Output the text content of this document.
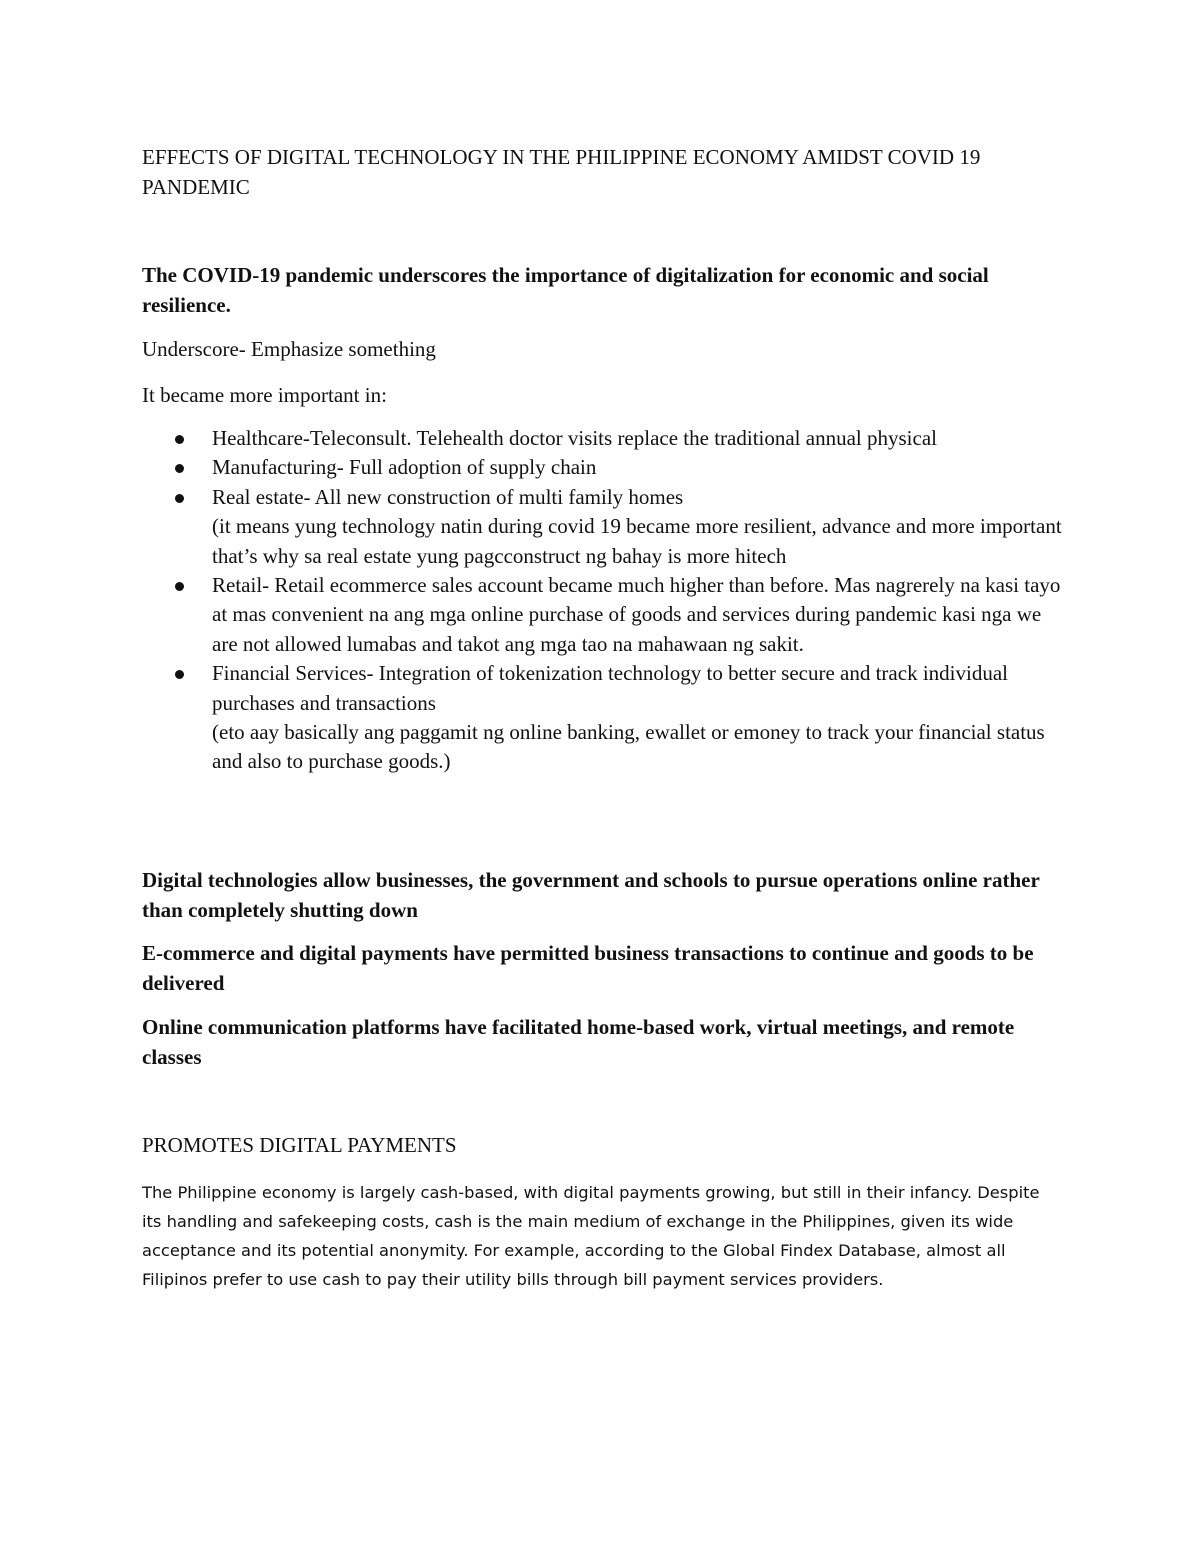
EFFECTS OF DIGITAL TECHNOLOGY IN THE PHILIPPINE ECONOMY AMIDST COVID 19 PANDEMIC

The COVID-19 pandemic underscores the importance of digitalization for economic and social resilience.

Underscore- Emphasize something

It became more important in:

Healthcare-Teleconsult. Telehealth doctor visits replace the traditional annual physical
Manufacturing- Full adoption of supply chain
Real estate- All new construction of multi family homes
(it means yung technology natin during covid 19 became more resilient, advance and more important that’s why sa real estate yung pagcconstruct ng bahay is more hitech
Retail- Retail ecommerce sales account became much higher than before. Mas nagrerely na kasi tayo at mas convenient na ang mga online purchase of goods and services during pandemic kasi nga we are not allowed lumabas and takot ang mga tao na mahawaan ng sakit.
Financial Services- Integration of tokenization technology to better secure and track individual purchases and transactions
(eto aay basically ang paggamit ng online banking, ewallet or emoney to track your financial status and also to purchase goods.)

Digital technologies allow businesses, the government and schools to pursue operations online rather than completely shutting down

E-commerce and digital payments have permitted business transactions to continue and goods to be delivered

Online communication platforms have facilitated home-based work, virtual meetings, and remote classes

PROMOTES DIGITAL PAYMENTS

The Philippine economy is largely cash-based, with digital payments growing, but still in their infancy. Despite its handling and safekeeping costs, cash is the main medium of exchange in the Philippines, given its wide acceptance and its potential anonymity. For example, according to the Global Findex Database, almost all Filipinos prefer to use cash to pay their utility bills through bill payment services providers.
